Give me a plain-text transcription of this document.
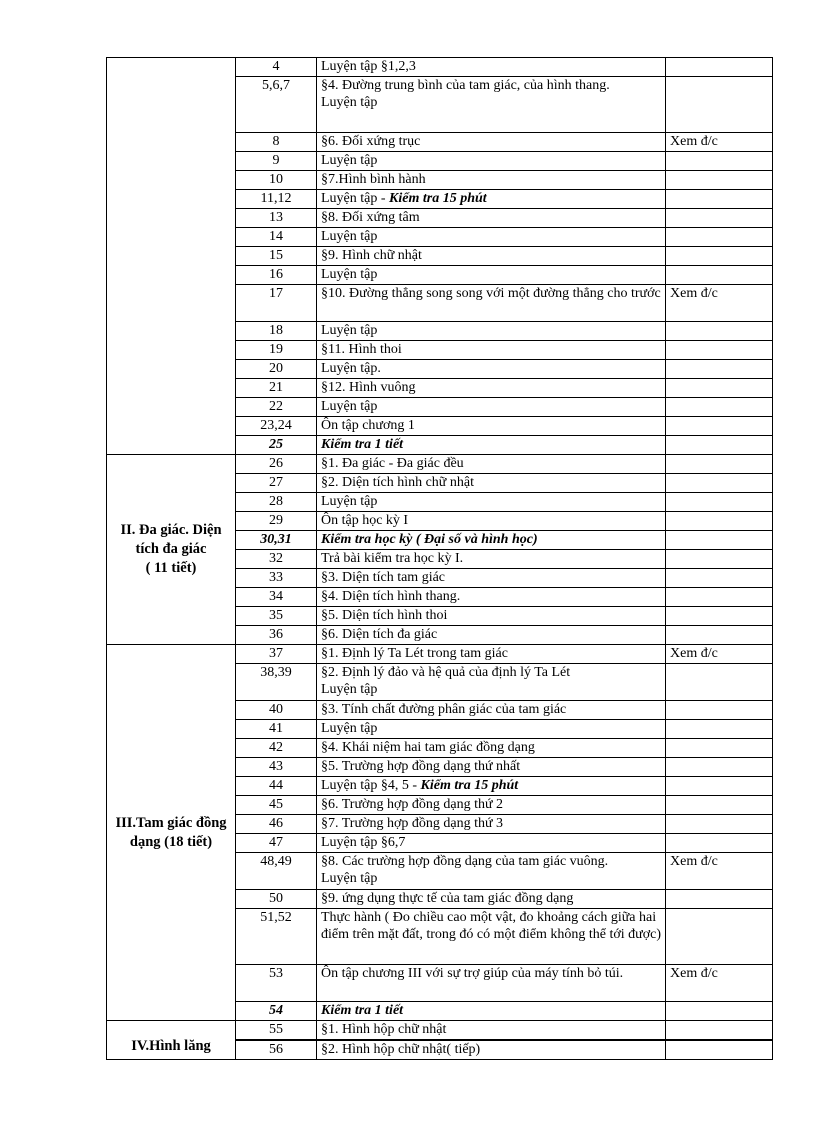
	4	Luyện tập §1,2,3	
	5,6,7	§4. Đường trung bình của tam giác, của hình thang.
Luyện tập	
	8	§6. Đối xứng trục	Xem đ/c
	9	Luyện tập	
	10	§7.Hình bình hành	
	11,12	Luyện tập - Kiểm tra 15 phút	
	13	§8. Đối xứng tâm	
	14	Luyện tập	
	15	§9. Hình chữ nhật	
	16	Luyện tập	
	17	§10. Đường thẳng song song với một đường thẳng cho trước	Xem đ/c
	18	Luyện tập	
	19	§11. Hình thoi	
	20	Luyện tập.	
	21	§12. Hình vuông	
	22	Luyện tập	
	23,24	Ôn tập chương 1	
	25	Kiểm tra 1 tiết	
II. Đa giác. Diện tích đa giác
( 11 tiết)	26	§1. Đa giác - Đa giác đều	
	27	§2. Diện tích hình chữ nhật	
	28	Luyện tập	
	29	Ôn tập học kỳ I	
	30,31	Kiểm tra học kỳ ( Đại số và hình học)	
	32	Trả bài kiểm tra học kỳ I.	
	33	§3. Diện tích tam giác	
	34	§4. Diện tích hình thang.	
	35	§5. Diện tích hình thoi	
	36	§6. Diện tích đa giác	
III.Tam giác đồng dạng (18 tiết)	37	§1. Định lý Ta Lét trong tam giác	Xem đ/c
	38,39	§2. Định lý đảo và hệ quả của định lý Ta Lét
Luyện tập	
	40	§3. Tính chất đường phân giác của tam giác	
	41	Luyện tập	
	42	§4. Khái niệm hai tam giác đồng dạng	
	43	§5. Trường hợp đồng dạng thứ nhất	
	44	Luyện tập §4, 5 - Kiểm tra 15 phút	
	45	§6. Trường hợp đồng dạng thứ 2	
	46	§7. Trường hợp đồng dạng thứ 3	
	47	Luyện tập §6,7	
	48,49	§8. Các trường hợp đồng dạng của tam giác vuông.
Luyện tập	Xem đ/c
	50	§9. ứng dụng thực tế của tam giác đồng dạng	
	51,52	Thực hành ( Đo chiều cao một vật, đo khoảng cách giữa hai điểm trên mặt đất, trong đó có một điểm không thể tới được)	
	53	Ôn tập chương III với sự trợ giúp của máy tính bỏ túi.	Xem đ/c
	54	Kiểm tra 1 tiết	

IV.Hình lăng	55	§1. Hình hộp chữ nhật	
	56	§2. Hình hộp chữ nhật( tiếp)	
